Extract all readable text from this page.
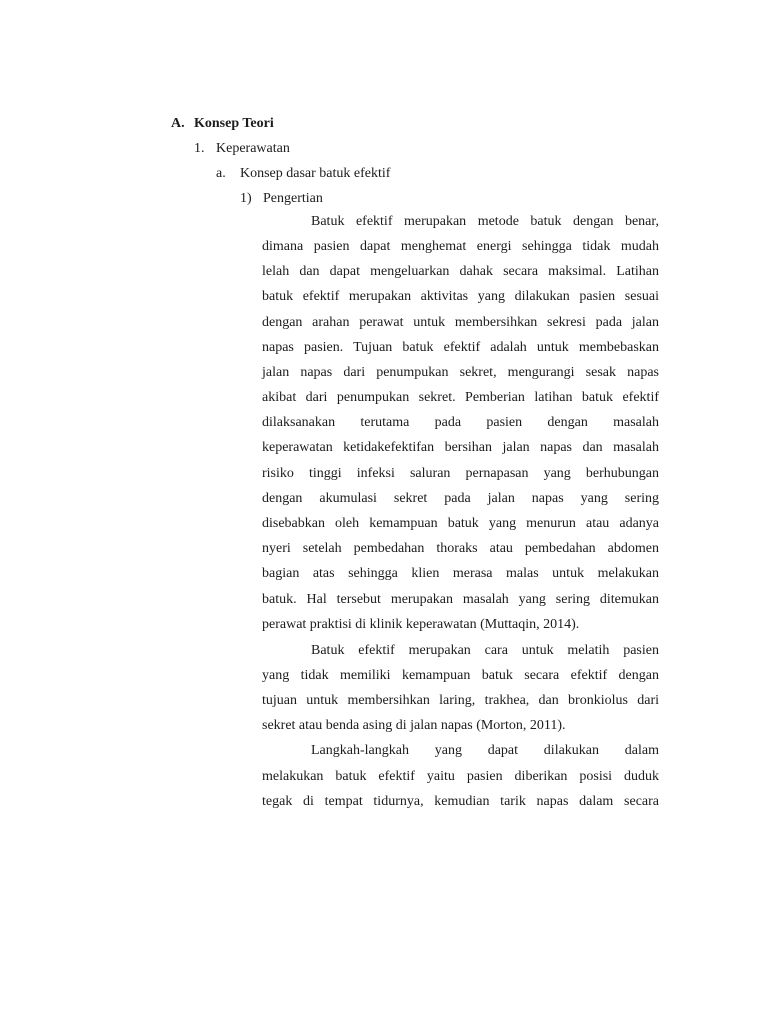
A. Konsep Teori
1. Keperawatan
a. Konsep dasar batuk efektif
1) Pengertian
Batuk efektif merupakan metode batuk dengan benar,
dimana pasien dapat menghemat energi sehingga tidak mudah
lelah dan dapat mengeluarkan dahak secara maksimal. Latihan
batuk efektif merupakan aktivitas yang dilakukan pasien sesuai
dengan arahan perawat untuk membersihkan sekresi pada jalan
napas pasien. Tujuan batuk efektif adalah untuk membebaskan
jalan napas dari penumpukan sekret, mengurangi sesak napas
akibat dari penumpukan sekret. Pemberian latihan batuk efektif
dilaksanakan terutama pada pasien dengan masalah
keperawatan ketidakefektifan bersihan jalan napas dan masalah
risiko tinggi infeksi saluran pernapasan yang berhubungan
dengan akumulasi sekret pada jalan napas yang sering
disebabkan oleh kemampuan batuk yang menurun atau adanya
nyeri setelah pembedahan thoraks atau pembedahan abdomen
bagian atas sehingga klien merasa malas untuk melakukan
batuk. Hal tersebut merupakan masalah yang sering ditemukan
perawat praktisi di klinik keperawatan (Muttaqin, 2014).
Batuk efektif merupakan cara untuk melatih pasien
yang tidak memiliki kemampuan batuk secara efektif dengan
tujuan untuk membersihkan laring, trakhea, dan bronkiolus dari
sekret atau benda asing di jalan napas (Morton, 2011).
Langkah-langkah yang dapat dilakukan dalam
melakukan batuk efektif yaitu pasien diberikan posisi duduk
tegak di tempat tidurnya, kemudian tarik napas dalam secara
